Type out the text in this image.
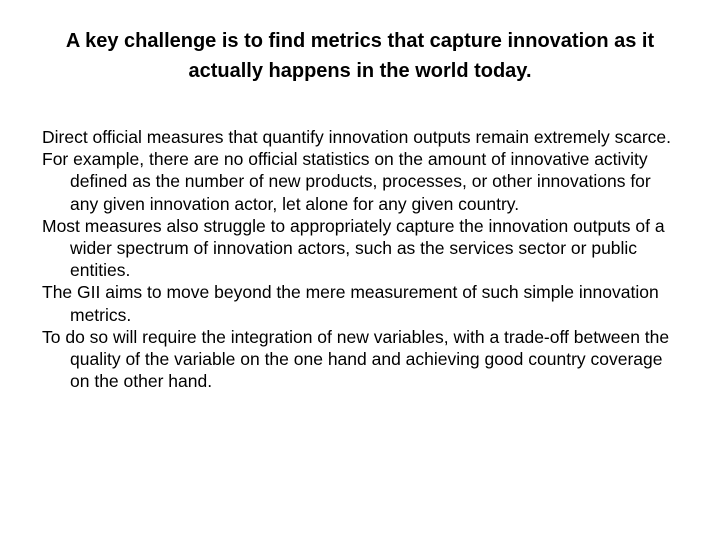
A key challenge is to find metrics that capture innovation as it actually happens in the world today.
Direct official measures that quantify innovation outputs remain extremely scarce.
For example, there are no official statistics on the amount of innovative activity defined as the number of new products, processes, or other innovations for any given innovation actor, let alone for any given country.
Most measures also struggle to appropriately capture the innovation outputs of a wider spectrum of innovation actors, such as the services sector or public entities.
The GII aims to move beyond the mere measurement of such simple innovation metrics.
To do so will require the integration of new variables, with a trade-off between the quality of the variable on the one hand and achieving good country coverage on the other hand.
